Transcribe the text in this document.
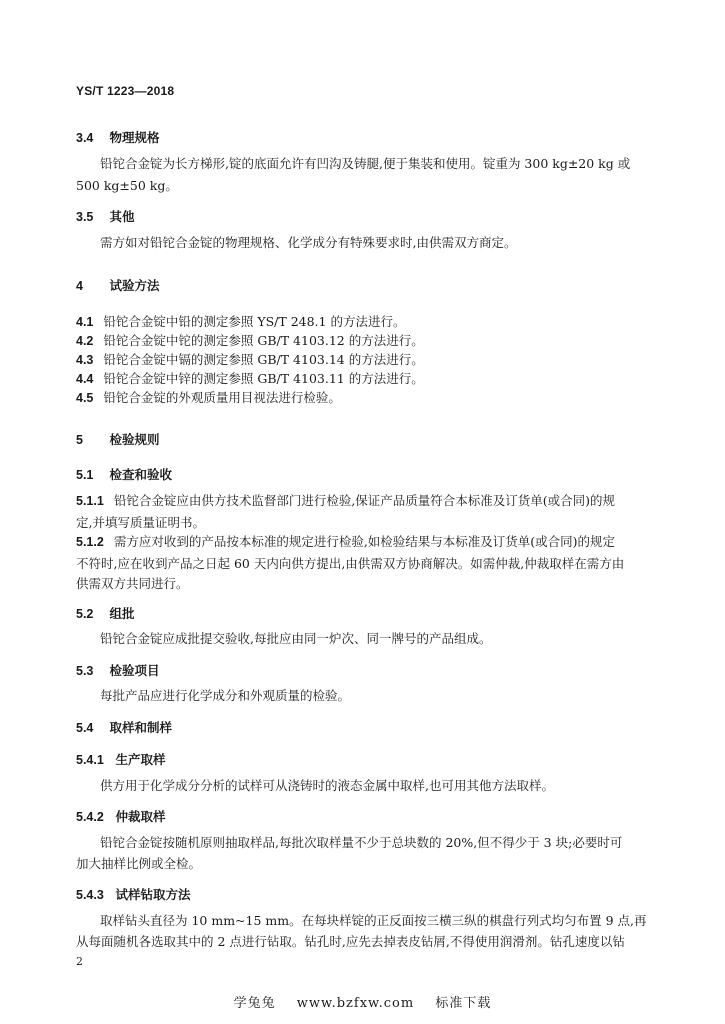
YS/T 1223—2018
3.4 物理规格
铅铊合金锭为长方梯形,锭的底面允许有凹沟及铸腿,便于集装和使用。锭重为 300 kg±20 kg 或
500 kg±50 kg。
3.5 其他
需方如对铅铊合金锭的物理规格、化学成分有特殊要求时,由供需双方商定。
4 试验方法
4.1 铅铊合金锭中铅的测定参照 YS/T 248.1 的方法进行。
4.2 铅铊合金锭中铊的测定参照 GB/T 4103.12 的方法进行。
4.3 铅铊合金锭中镉的测定参照 GB/T 4103.14 的方法进行。
4.4 铅铊合金锭中锌的测定参照 GB/T 4103.11 的方法进行。
4.5 铅铊合金锭的外观质量用目视法进行检验。
5 检验规则
5.1 检查和验收
5.1.1 铅铊合金锭应由供方技术监督部门进行检验,保证产品质量符合本标准及订货单(或合同)的规
定,并填写质量证明书。
5.1.2 需方应对收到的产品按本标准的规定进行检验,如检验结果与本标准及订货单(或合同)的规定
不符时,应在收到产品之日起 60 天内向供方提出,由供需双方协商解决。如需仲裁,仲裁取样在需方由
供需双方共同进行。
5.2 组批
铅铊合金锭应成批提交验收,每批应由同一炉次、同一牌号的产品组成。
5.3 检验项目
每批产品应进行化学成分和外观质量的检验。
5.4 取样和制样
5.4.1 生产取样
供方用于化学成分分析的试样可从浇铸时的液态金属中取样,也可用其他方法取样。
5.4.2 仲裁取样
铅铊合金锭按随机原则抽取样品,每批次取样量不少于总块数的 20%,但不得少于 3 块;必要时可
加大抽样比例或全检。
5.4.3 试样钻取方法
取样钻头直径为 10 mm~15 mm。在每块样锭的正反面按三横三纵的棋盘行列式均匀布置 9 点,再
从每面随机各选取其中的 2 点进行钻取。钻孔时,应先去掉表皮钻屑,不得使用润滑剂。钻孔速度以钻
2
学兔兔 www.bzfxw.com 标准下载
